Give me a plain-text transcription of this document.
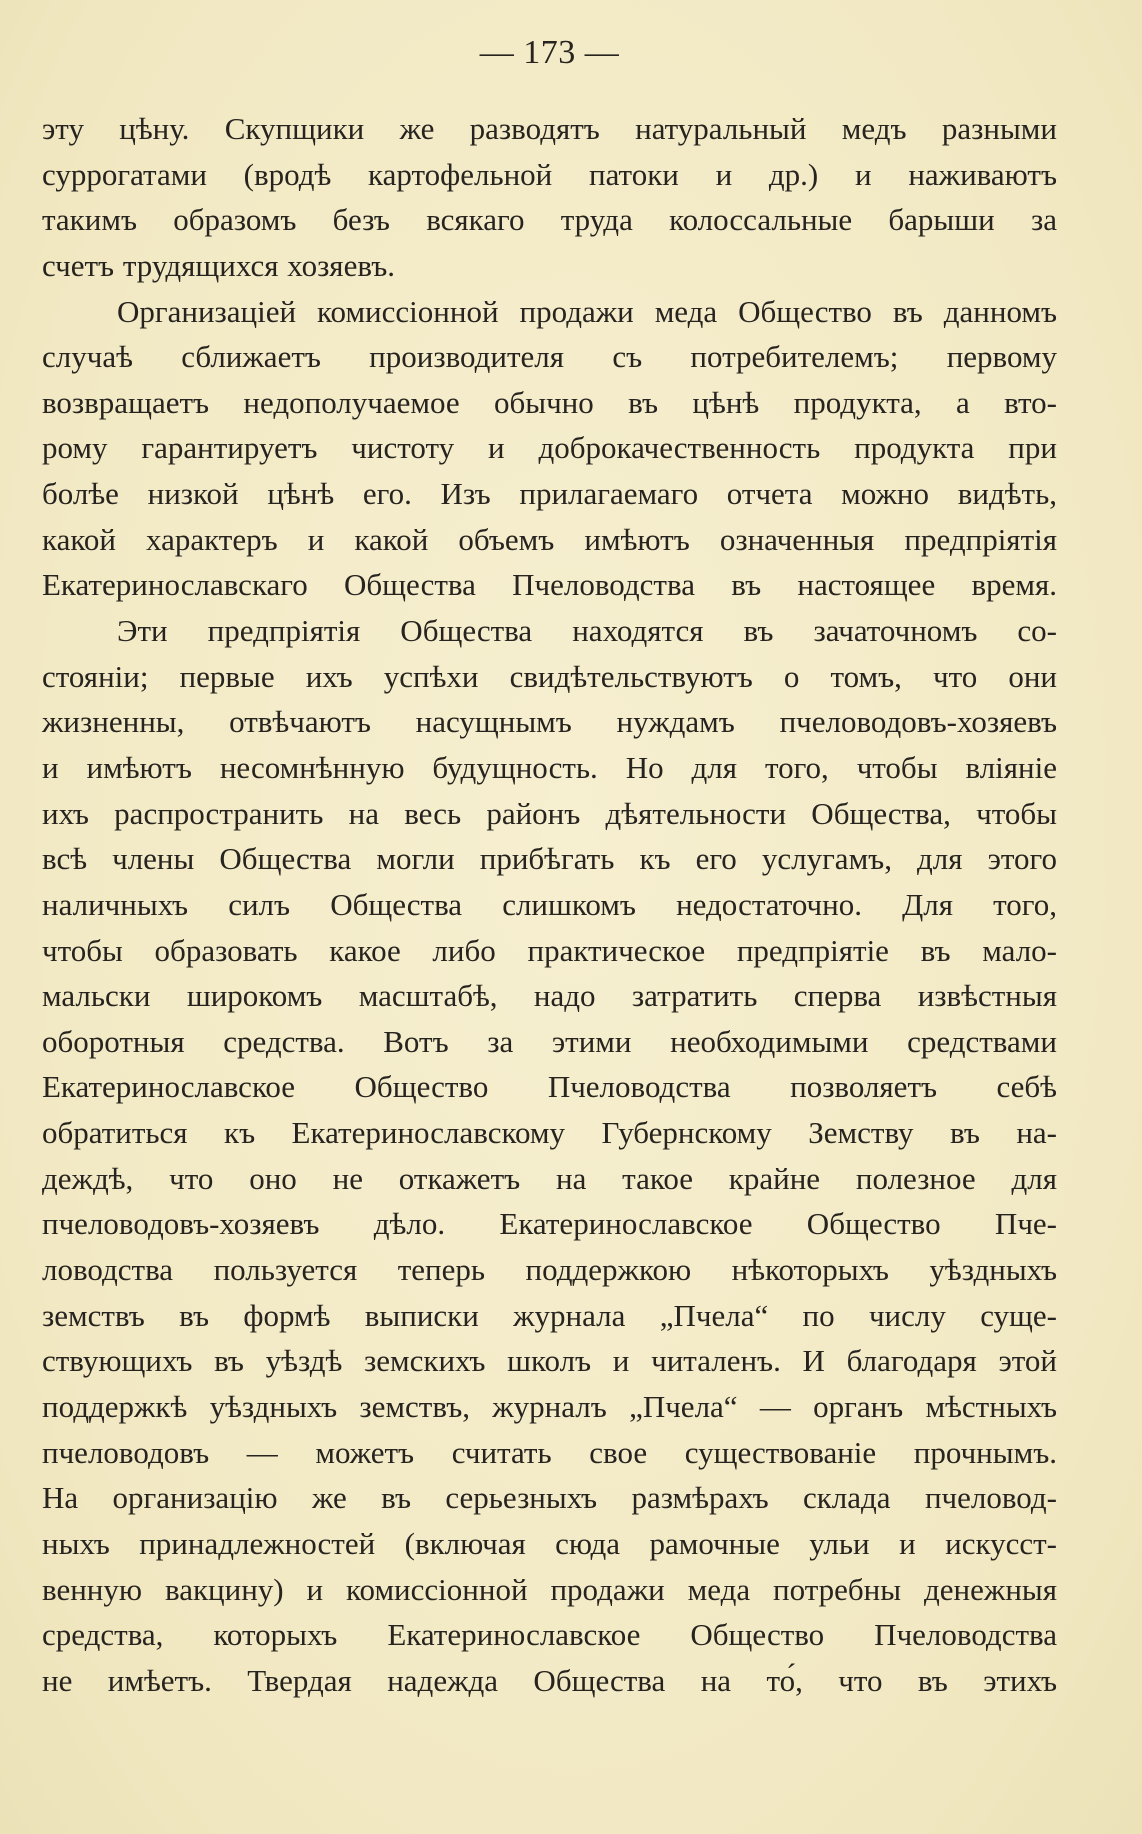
— 173 —
эту цѣну. Скупщики же разводятъ натуральный медъ разными
суррогатами (вродѣ картофельной патоки и др.) и наживаютъ
такимъ образомъ безъ всякаго труда колоссальные барыши за
счетъ трудящихся хозяевъ.
Организаціей комиссіонной продажи меда Общество въ данномъ
случаѣ сближаетъ производителя съ потребителемъ; первому
возвращаетъ недополучаемое обычно въ цѣнѣ продукта, а вто-
рому гарантируетъ чистоту и доброкачественность продукта при
болѣе низкой цѣнѣ его. Изъ прилагаемаго отчета можно видѣть,
какой характеръ и какой объемъ имѣютъ означенныя предпріятія
Екатеринославскаго Общества Пчеловодства въ настоящее время.
Эти предпріятія Общества находятся въ зачаточномъ со-
стояніи; первые ихъ успѣхи свидѣтельствуютъ о томъ, что они
жизненны, отвѣчаютъ насущнымъ нуждамъ пчеловодовъ-хозяевъ
и имѣютъ несомнѣнную будущность. Но для того, чтобы вліяніе
ихъ распространить на весь районъ дѣятельности Общества, чтобы
всѣ члены Общества могли прибѣгать къ его услугамъ, для этого
наличныхъ силъ Общества слишкомъ недостаточно. Для того,
чтобы образовать какое либо практическое предпріятіе въ мало-
мальски широкомъ масштабѣ, надо затратить сперва извѣстныя
оборотныя средства. Вотъ за этими необходимыми средствами
Екатеринославское Общество Пчеловодства позволяетъ себѣ
обратиться къ Екатеринославскому Губернскому Земству въ на-
деждѣ, что оно не откажетъ на такое крайне полезное для
пчеловодовъ-хозяевъ дѣло. Екатеринославское Общество Пче-
ловодства пользуется теперь поддержкою нѣкоторыхъ уѣздныхъ
земствъ въ формѣ выписки журнала „Пчела“ по числу суще-
ствующихъ въ уѣздѣ земскихъ школъ и читаленъ. И благодаря этой
поддержкѣ уѣздныхъ земствъ, журналъ „Пчела“ — органъ мѣстныхъ
пчеловодовъ — можетъ считать свое существованіе прочнымъ.
На организацію же въ серьезныхъ размѣрахъ склада пчеловод-
ныхъ принадлежностей (включая сюда рамочные ульи и искусст-
венную вакцину) и комиссіонной продажи меда потребны денежныя
средства, которыхъ Екатеринославское Общество Пчеловодства
не имѣетъ. Твердая надежда Общества на то́, что въ этихъ
